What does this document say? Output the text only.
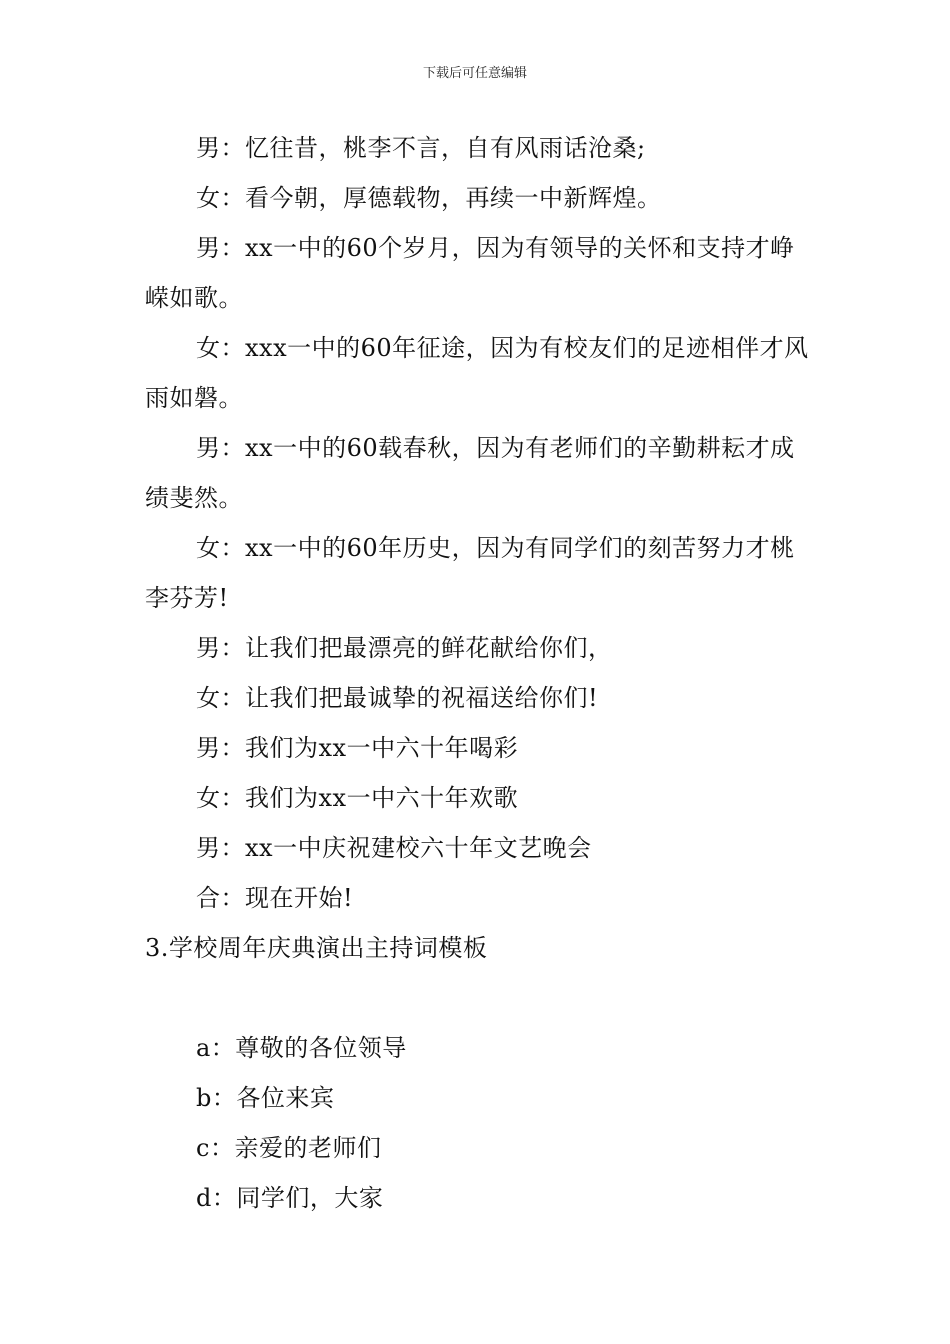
下载后可任意编辑

男：忆往昔，桃李不言，自有风雨话沧桑;

女：看今朝，厚德载物，再续一中新辉煌。

男：xx一中的60个岁月，因为有领导的关怀和支持才峥嵘如歌。

女：xxx一中的60年征途，因为有校友们的足迹相伴才风雨如磐。

男：xx一中的60载春秋，因为有老师们的辛勤耕耘才成绩斐然。

女：xx一中的60年历史，因为有同学们的刻苦努力才桃李芬芳!

男：让我们把最漂亮的鲜花献给你们，

女：让我们把最诚挚的祝福送给你们!

男：我们为xx一中六十年喝彩

女：我们为xx一中六十年欢歌

男：xx一中庆祝建校六十年文艺晚会

合：现在开始!

3.学校周年庆典演出主持词模板

a：尊敬的各位领导

b：各位来宾

c：亲爱的老师们

d：同学们，大家
